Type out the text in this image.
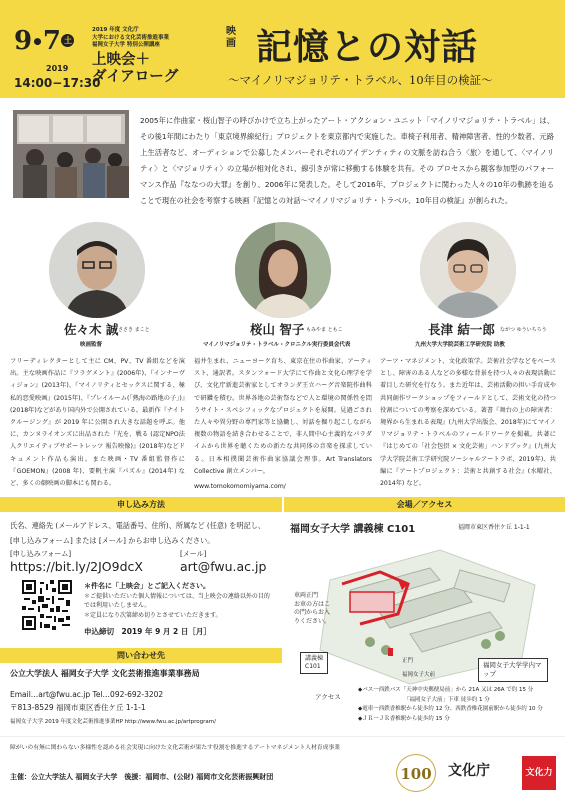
9•7 土
2019
14:00−17:30
2019 年度 文化庁
大学における文化芸術推進事業
福岡女子大学 特別公開講座
上映会＋
ダイアローグ
映
画 記憶との対話
〜マイノリマジョリテ・トラベル、10年目の検証〜
2005年に作曲家・桜山智子の呼びかけで立ち上がったアート・アクション・ユニット「マイノリマジョリテ・トラベル」は、その後1年間にわたり「東京境界線紀行」プロジェクトを東京都内で実施した。車椅子利用者、精神障害者、性的少数者、元路上生活者など、オーディションで公募したメンバーそれぞれのアイデンティティの文脈を訪ね合う〈旅〉を通して、〈マイノリティ〉と〈マジョリティ〉の立場が相対化され、線引きが常に移動する体験を共有。その プロセスから観客参加型のパフォーマンス作品『ななつの大罪』を創り、2006年に発表した。そして2016年、プロジェクトに関わった人々の10年の軌跡を辿ることで現在の社会を考察する映画『記憶との対話〜マイノリマジョリテ・トラベル、10年目の検証』が創られた。
佐々木 誠 ささき まこと
映画監督
フリーディレクターとして主に CM、PV、TV 番組などを演出。主な映画作品に『フラグメント』(2006年)、『インナーヴィジョン』(2013年)、『マイノリティとセックスに関する、極私的恋愛映画』(2015年)、『プレイルーム(「熱海の路地の子」)』(2018年)などがあり国内外で公開されている。最新作『ナイトクルージング』が 2019 年に公開され大きな話題を呼ぶ。他に、カンヌライオンズに出品された『光を、戦る (認定NPO法人クリエイティブサポートレッツ 報告映像)』(2018年)などドキュメント作品も演出。また映画・TV 番組監督作に『GOEMON』(2008 年)、要帆主演『パズル』(2014年) など、多くの劇映画の脚本にも関わる。
桜山 智子 もみやま ともこ
マイノリマジョリテ・トラベル・クロニクル実行委員会代表
福井生まれ、ニューヨーク育ち、東京在住の作曲家、アーティスト、通訳者。スタンフォード大学にて作曲と文化心理学を学び、文化庁新進芸術家としてオランダ王立ハーグ音楽院作曲科で研鑽を積む。世界各地の芸術祭などで人と環境の関係性を問うサイト・スペシフィックなプロジェクトを展開。見過ごされた人々や異分野の専門家等と協働し、対話を掘り起こしながら複数の物語を結き合わせることで、非人間中心主義的なパラダイムから世界を聴くための新たな共同体の音楽を探求している。日本相撲聞芸術作曲家協議会理事。Art Translators Collective 創立メンバー。
www.tomokomomiyama.com/
長津 結一郎 ながつ ゆういちろう
九州大学大学院芸術工学研究院 助教
アーツ・マネジメント、文化政策学。芸術社会学などをベースとし、障害のある人などの多様な背景を持つ人々の表現活動に着目した研究を行なう。また近年は、芸術活動の担い手育成や共同創作ワークショップをフィールドとして、芸術文化の持つ役割についての考察を深めている。著書『舞台の上の障害者：境界から生まれる表現』(九州大学出版会、2018年)にてマイノリマジョリテ・トラベルのフィールドワークを掲載。共著に『はじめての「社会包摂 × 文化芸術」ハンドブック』(九州大学大学院芸術工学研究院ソーシャルアートラボ、2019年)、共編に『アートプロジェクト：芸術と共創する社会』(水曜社、2014年) など。
申し込み方法
氏名、連絡先 (メールアドレス、電話番号、住所)、所属など (任意) を明記し、[申し込みフォーム] または [メール] からお申し込みください。
[申し込みフォーム]
https://bit.ly/2JO9dcX
[メール]
art@fwu.ac.jp
＊件名に「上映会」とご記入ください。
＊ご提供いただいた個人情報については、当上映会の連絡以外の目的では利用いたしません。
＊定員になり次第締め切りとさせていただきます。
申込締切　2019 年 9 月 2 日［月］
問い合わせ先
公立大学法人 福岡女子大学 文化芸術推進事業事務局
Email…art@fwu.ac.jp Tel…092-692-3202
〒813-8529 福岡市東区香住ケ丘 1-1-1
福岡女子大学 2019 年度文化芸術推進事業HP http://www.fwu.ac.jp/artprogram/
会場／アクセス
福岡女子大学 講義棟 C101	福岡市東区香住ケ丘 1-1-1
車両正門
お車の方はこの門からお入りください。
講義棟
C101
正門
福岡女子大前
福岡女子大学学内マップ
アクセス
◆バス一西鉄バス「天神中央郵便局前」から 21A 又は 26A で約 15 分
「福岡女子大前」下車 徒歩約 1 分
◆電車一西鉄香椎駅から徒歩約 12 分、西鉄香椎花園前駅から徒歩約 10 分
◆ＪＲ一ＪＲ香椎駅から徒歩約 15 分
障がいの有無に関わらない多様性を認める社会実現に向けた文化芸術が果たす役割を推進するアートマネジメント人材育成事業
主催：公立大学法人 福岡女子大学　後援：福岡市、(公財) 福岡市文化芸術振興財団	100	文化庁	文化力
